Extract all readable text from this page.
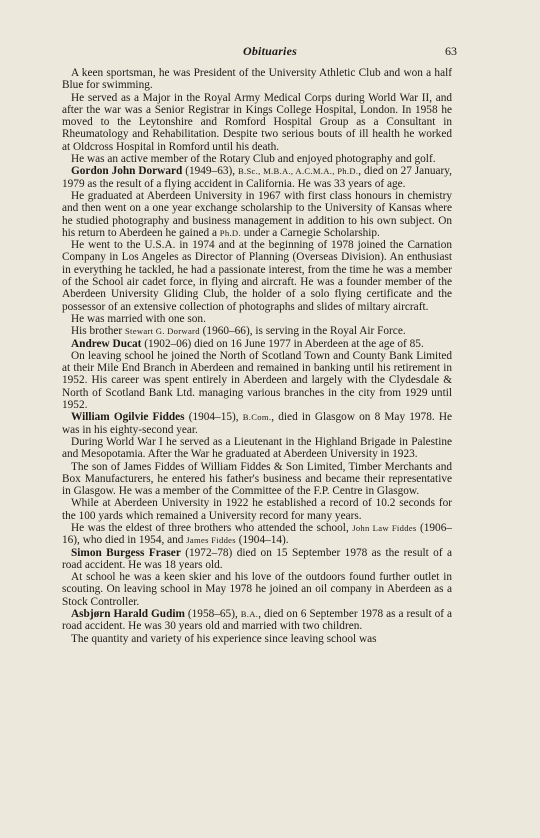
Obituaries	63

A keen sportsman, he was President of the University Athletic Club and won a half Blue for swimming.

He served as a Major in the Royal Army Medical Corps during World War II, and after the war was a Senior Registrar in Kings College Hospital, London. In 1958 he moved to the Leytonshire and Romford Hospital Group as a Consultant in Rheumatology and Rehabilitation. Despite two serious bouts of ill health he worked at Oldcross Hospital in Romford until his death.

He was an active member of the Rotary Club and enjoyed photography and golf.

Gordon John Dorward (1949–63), B.Sc., M.B.A., A.C.M.A., Ph.D., died on 27 January, 1979 as the result of a flying accident in California. He was 33 years of age.

He graduated at Aberdeen University in 1967 with first class honours in chemistry and then went on a one year exchange scholarship to the University of Kansas where he studied photography and business management in addition to his own subject. On his return to Aberdeen he gained a Ph.D. under a Carnegie Scholarship.

He went to the U.S.A. in 1974 and at the beginning of 1978 joined the Carnation Company in Los Angeles as Director of Planning (Overseas Division). An enthusiast in everything he tackled, he had a passionate interest, from the time he was a member of the School air cadet force, in flying and aircraft. He was a founder member of the Aberdeen University Gliding Club, the holder of a solo flying certificate and the possessor of an extensive collection of photographs and slides of miltary aircraft.

He was married with one son.

His brother Stewart G. Dorward (1960–66), is serving in the Royal Air Force.

Andrew Ducat (1902–06) died on 16 June 1977 in Aberdeen at the age of 85.

On leaving school he joined the North of Scotland Town and County Bank Limited at their Mile End Branch in Aberdeen and remained in banking until his retirement in 1952. His career was spent entirely in Aberdeen and largely with the Clydesdale & North of Scotland Bank Ltd. managing various branches in the city from 1929 until 1952.

William Ogilvie Fiddes (1904–15), B.Com., died in Glasgow on 8 May 1978. He was in his eighty-second year.

During World War I he served as a Lieutenant in the Highland Brigade in Palestine and Mesopotamia. After the War he graduated at Aberdeen University in 1923.

The son of James Fiddes of William Fiddes & Son Limited, Timber Merchants and Box Manufacturers, he entered his father's business and became their representative in Glasgow. He was a member of the Committee of the F.P. Centre in Glasgow.

While at Aberdeen University in 1922 he established a record of 10.2 seconds for the 100 yards which remained a University record for many years.

He was the eldest of three brothers who attended the school, John Law Fiddes (1906–16), who died in 1954, and James Fiddes (1904–14).

Simon Burgess Fraser (1972–78) died on 15 September 1978 as the result of a road accident. He was 18 years old.

At school he was a keen skier and his love of the outdoors found further outlet in scouting. On leaving school in May 1978 he joined an oil company in Aberdeen as a Stock Controller.

Asbjørn Harald Gudim (1958–65), B.A., died on 6 September 1978 as a result of a road accident. He was 30 years old and married with two children.

The quantity and variety of his experience since leaving school was
